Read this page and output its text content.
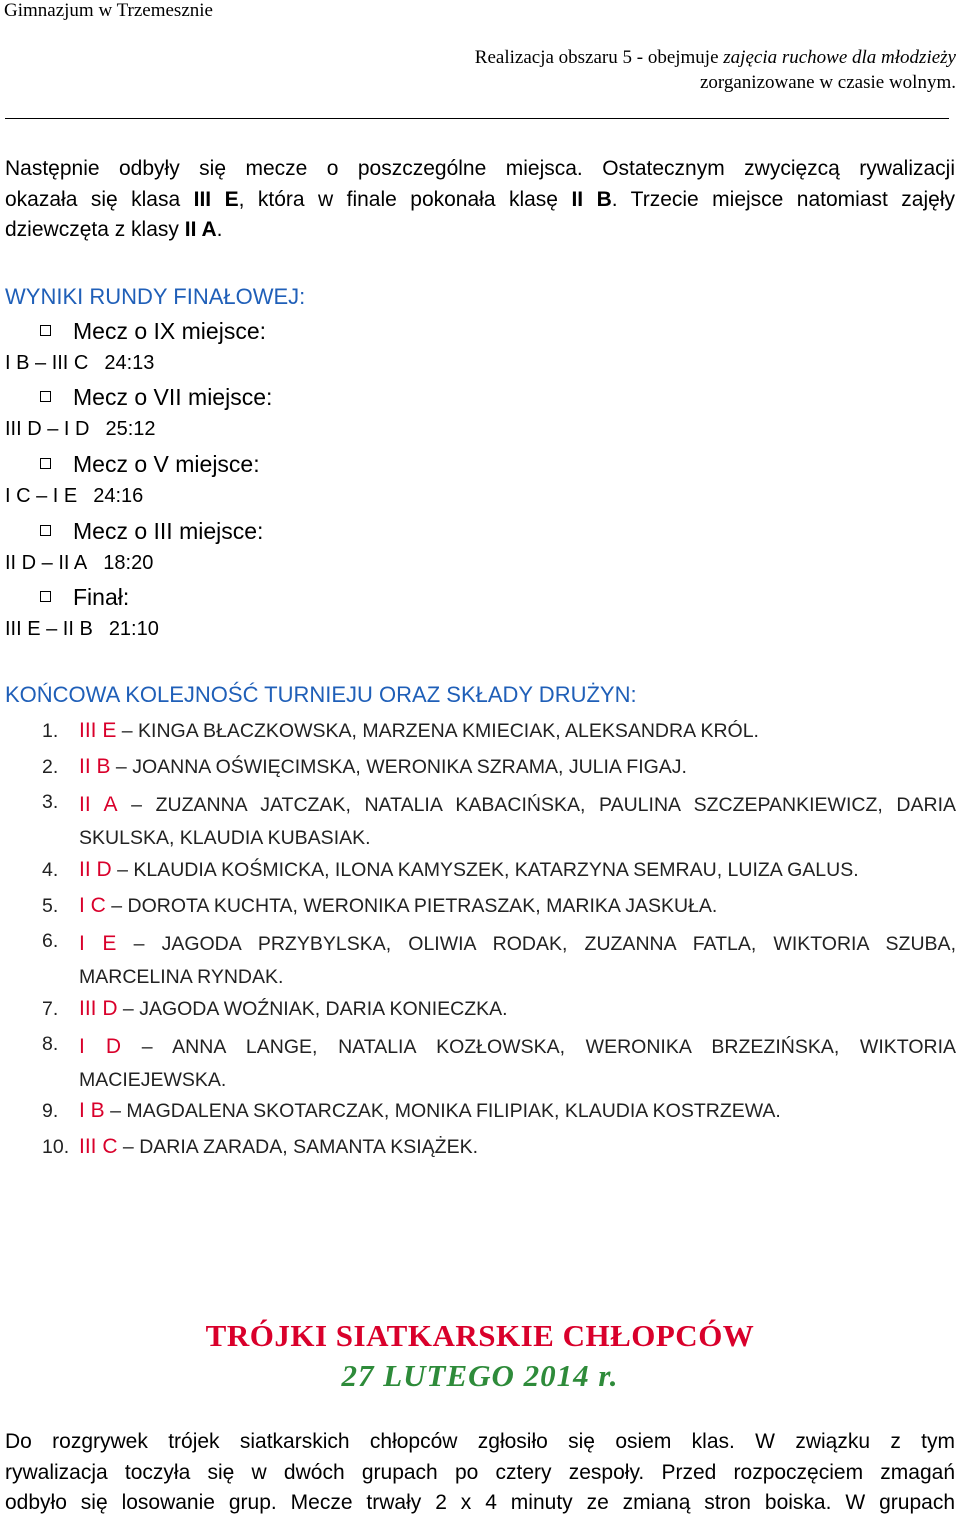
Gimnazjum w Trzemesznie
Realizacja obszaru 5 - obejmuje zajęcia ruchowe dla młodzieży
zorganizowane w czasie wolnym.
Następnie odbyły się mecze o poszczególne miejsca. Ostatecznym zwycięzcą rywalizacji
okazała się klasa III E, która w finale pokonała klasę II B. Trzecie miejsce natomiast zajęły
dziewczęta z klasy II A.
WYNIKI RUNDY FINAŁOWEJ:
Mecz o IX miejsce:
I B – III C 24:13
Mecz o VII miejsce:
III D – I D 25:12
Mecz o V miejsce:
I C – I E 24:16
Mecz o III miejsce:
II D – II A 18:20
Finał:
III E – II B 21:10
KOŃCOWA KOLEJNOŚĆ TURNIEJU ORAZ SKŁADY DRUŻYN:
1. III E – KINGA BŁACZKOWSKA, MARZENA KMIECIAK, ALEKSANDRA KRÓL.
2. II B – JOANNA OŚWIĘCIMSKA, WERONIKA SZRAMA, JULIA FIGAJ.
3. II A – ZUZANNA JATCZAK, NATALIA KABACIŃSKA, PAULINA SZCZEPANKIEWICZ, DARIA
SKULSKA, KLAUDIA KUBASIAK.
4. II D – KLAUDIA KOŚMICKA, ILONA KAMYSZEK, KATARZYNA SEMRAU, LUIZA GALUS.
5. I C – DOROTA KUCHTA, WERONIKA PIETRASZAK, MARIKA JASKUŁA.
6. I E – JAGODA PRZYBYLSKA, OLIWIA RODAK, ZUZANNA FATLA, WIKTORIA SZUBA,
MARCELINA RYNDAK.
7. III D – JAGODA WOŹNIAK, DARIA KONIECZKA.
8. I D – ANNA LANGE, NATALIA KOZŁOWSKA, WERONIKA BRZEZIŃSKA, WIKTORIA
MACIEJEWSKA.
9. I B – MAGDALENA SKOTARCZAK, MONIKA FILIPIAK, KLAUDIA KOSTRZEWA.
10. III C – DARIA ZARADA, SAMANTA KSIĄŻEK.
TRÓJKI SIATKARSKIE CHŁOPCÓW
27 LUTEGO 2014 r.
Do rozgrywek trójek siatkarskich chłopców zgłosiło się osiem klas. W związku z tym
rywalizacja toczyła się w dwóch grupach po cztery zespoły. Przed rozpoczęciem zmagań
odbyło się losowanie grup. Mecze trwały 2 x 4 minuty ze zmianą stron boiska. W grupach
